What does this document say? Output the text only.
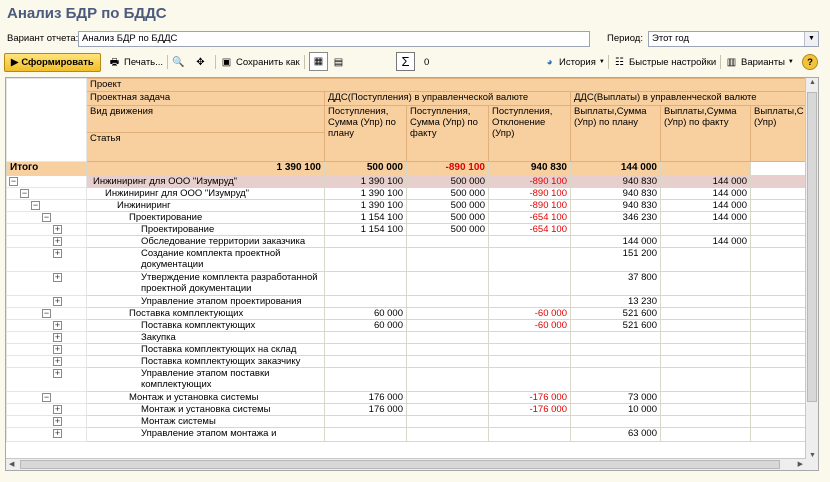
Анализ БДР по БДДС
Вариант отчета: Анализ БДР по БДДС	Период: Этот год	▼
▶ Сформировать 🖶 Печать... 🔍 ✥ ▣ Сохранить как ▦ ▤	Σ 0	◕ История ▼ ☷ Быстрые настройки ▥ Варианты ▼ ?
	Проект						
	Проектная задача	ДДС(Поступления) в управленческой валюте			ДДС(Выплаты) в управленческой валюте		
	Вид движения	Поступления, Сумма (Упр) по плану	Поступления, Сумма (Упр) по факту	Поступления, Отклонение (Упр)	Выплаты,Сумма (Упр) по плану	Выплаты,Сумма (Упр) по факту	Выплаты,С (Упр)
	Статья						
Итого	1 390 100	500 000	-890 100	940 830	144 000		

−	Инжиниринг для ООО "Изумруд"	1 390 100	500 000	-890 100	940 830	144 000	

−	Инжиниринг для ООО "Изумруд"	1 390 100	500 000	-890 100	940 830	144 000	

−	Инжиниринг	1 390 100	500 000	-890 100	940 830	144 000	

−	Проектирование	1 154 100	500 000	-654 100	346 230	144 000	

+	Проектирование	1 154 100	500 000	-654 100			

+	Обследование территории заказчика				144 000	144 000	

+	Создание комплекта проектной
документации				151 200		

+	Утверждение комплекта разработанной
проектной документации				37 800		

+	Управление этапом проектирования				13 230		

−	Поставка комплектующих	60 000		-60 000	521 600		

+	Поставка комплектующих	60 000		-60 000	521 600		

+	Закупка						

+	Поставка комплектующих на склад						

+	Поставка комплектующих заказчику						

+	Управление этапом поставки
комплектующих						

−	Монтаж и установка системы	176 000		-176 000	73 000		

+	Монтаж и установка системы	176 000		-176 000	10 000		

+	Монтаж системы						

+	Управление этапом монтажа и				63 000		
▲
▼
◀	▶
